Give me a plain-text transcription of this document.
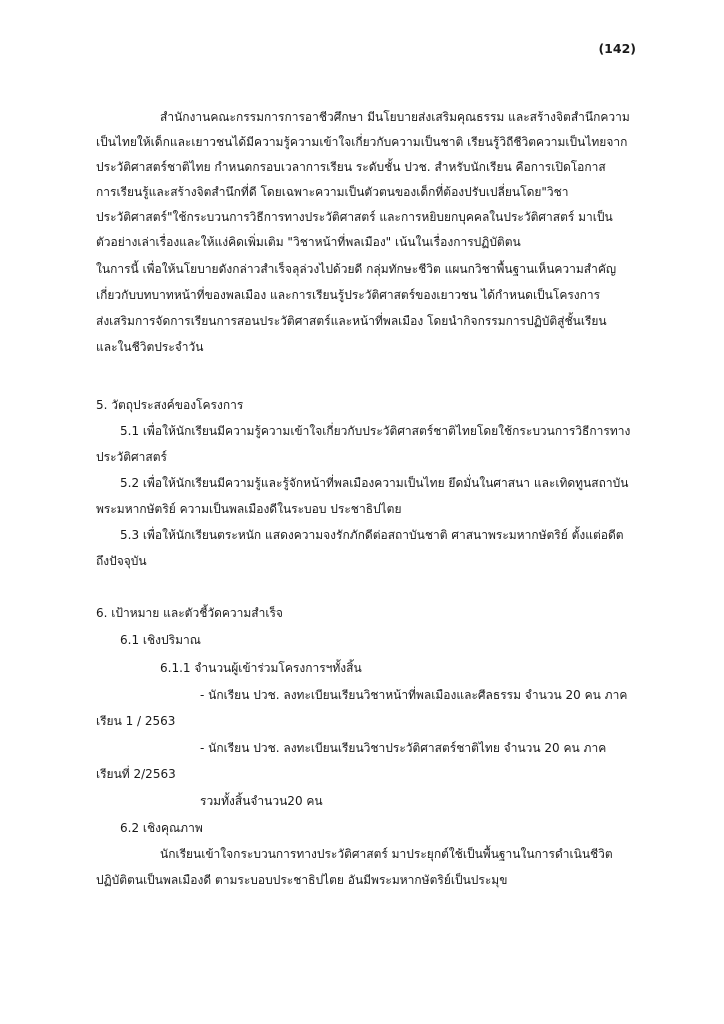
(142)
สำนักงานคณะกรรมการการอาชีวศึกษา มีนโยบายส่งเสริมคุณธรรม และสร้างจิตสำนึกความ
เป็นไทยให้เด็กและเยาวชนได้มีความรู้ความเข้าใจเกี่ยวกับความเป็นชาติ เรียนรู้วิถีชีวิตความเป็นไทยจาก
ประวัติศาสตร์ชาติไทย กำหนดกรอบเวลาการเรียน ระดับชั้น ปวช. สำหรับนักเรียน คือการเปิดโอกาส
การเรียนรู้และสร้างจิตสำนึกที่ดี โดยเฉพาะความเป็นตัวตนของเด็กที่ต้องปรับเปลี่ยนโดย"วิชา
ประวัติศาสตร์"ใช้กระบวนการวิธีการทางประวัติศาสตร์ และการหยิบยกบุคคลในประวัติศาสตร์ มาเป็น
ตัวอย่างเล่าเรื่องและให้แง่คิดเพิ่มเติม "วิชาหน้าที่พลเมือง" เน้นในเรื่องการปฏิบัติตน
ในการนี้ เพื่อให้นโยบายดังกล่าวสำเร็จลุล่วงไปด้วยดี กลุ่มทักษะชีวิต แผนกวิชาพื้นฐานเห็นความสำคัญ
เกี่ยวกับบทบาทหน้าที่ของพลเมือง และการเรียนรู้ประวัติศาสตร์ของเยาวชน ได้กำหนดเป็นโครงการ
ส่งเสริมการจัดการเรียนการสอนประวัติศาสตร์และหน้าที่พลเมือง โดยนำกิจกรรมการปฏิบัติสู่ชั้นเรียน
และในชีวิตประจำวัน
5. วัตถุประสงค์ของโครงการ
5.1 เพื่อให้นักเรียนมีความรู้ความเข้าใจเกี่ยวกับประวัติศาสตร์ชาติไทยโดยใช้กระบวนการวิธีการทาง
ประวัติศาสตร์
5.2 เพื่อให้นักเรียนมีความรู้และรู้จักหน้าที่พลเมืองความเป็นไทย ยึดมั่นในศาสนา และเทิดทูนสถาบัน
พระมหากษัตริย์ ความเป็นพลเมืองดีในระบอบ ประชาธิปไตย
5.3 เพื่อให้นักเรียนตระหนัก แสดงความจงรักภักดีต่อสถาบันชาติ ศาสนาพระมหากษัตริย์ ตั้งแต่อดีต
ถึงปัจจุบัน
6. เป้าหมาย และตัวชี้วัดความสำเร็จ
6.1 เชิงปริมาณ
6.1.1 จำนวนผู้เข้าร่วมโครงการฯทั้งสิ้น
- นักเรียน ปวช. ลงทะเบียนเรียนวิชาหน้าที่พลเมืองและศีลธรรม จำนวน 20 คน ภาค
เรียน 1 / 2563
- นักเรียน ปวช. ลงทะเบียนเรียนวิชาประวัติศาสตร์ชาติไทย จำนวน 20 คน ภาค
เรียนที่ 2/2563
รวมทั้งสิ้นจำนวน20 คน
6.2 เชิงคุณภาพ
นักเรียนเข้าใจกระบวนการทางประวัติศาสตร์ มาประยุกต์ใช้เป็นพื้นฐานในการดำเนินชีวิต
ปฏิบัติตนเป็นพลเมืองดี ตามระบอบประชาธิปไตย อันมีพระมหากษัตริย์เป็นประมุข
